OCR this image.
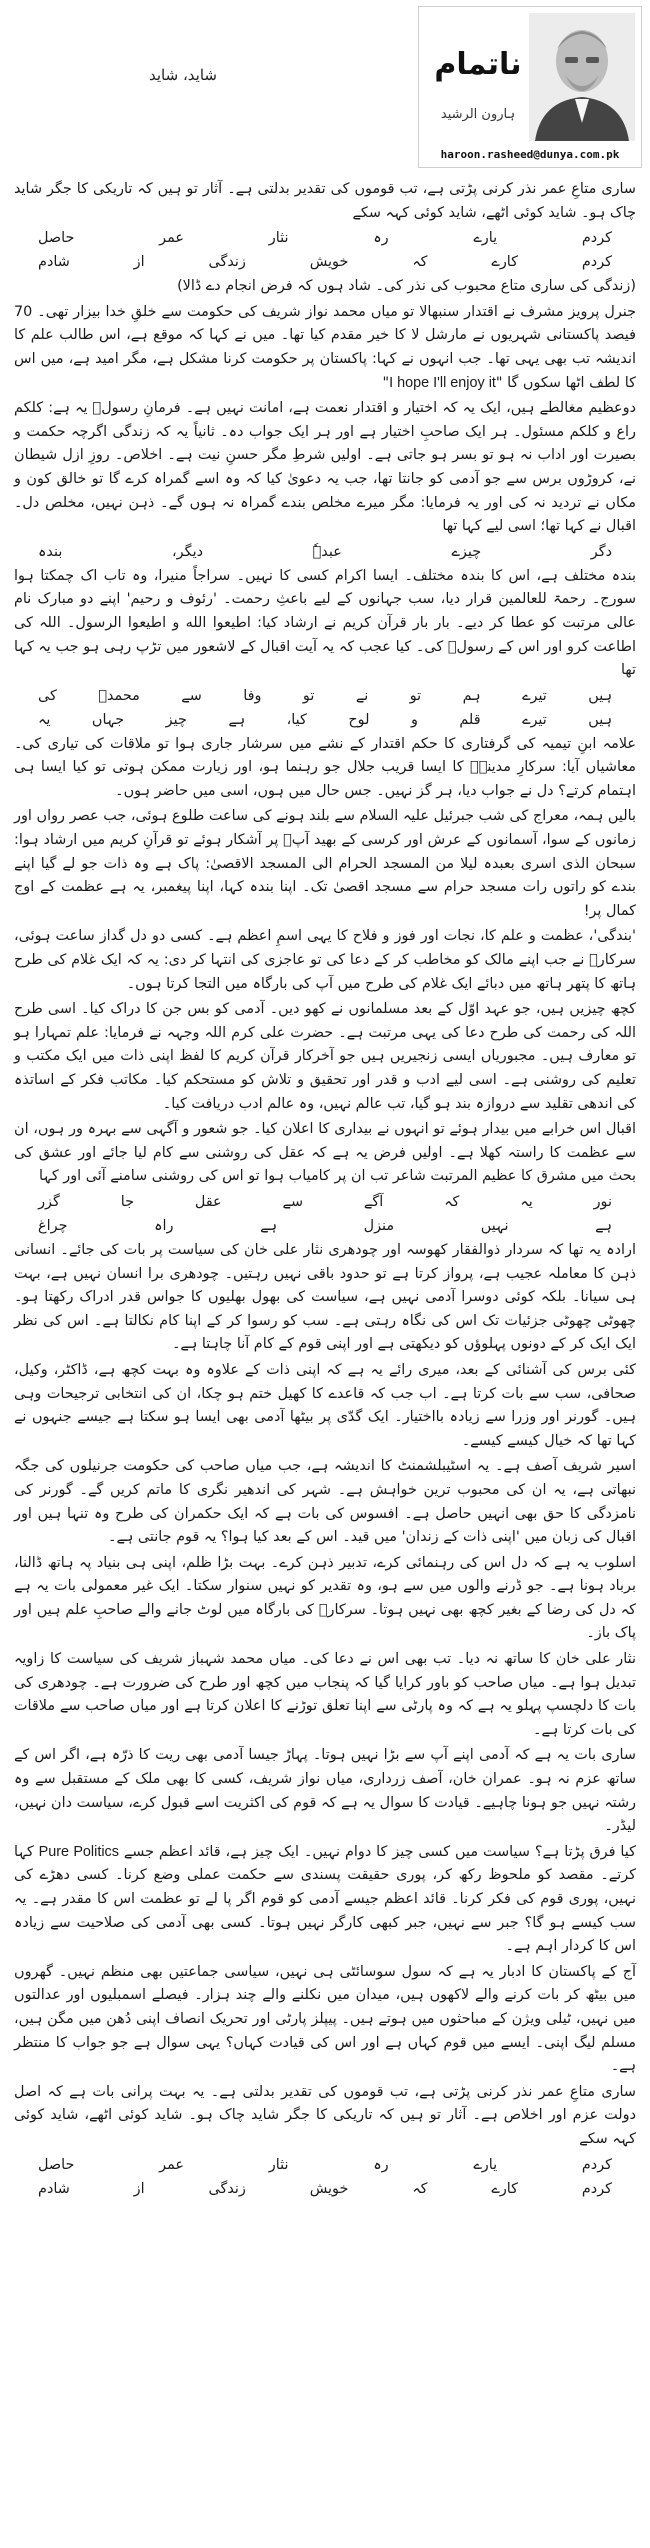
شاید، شاید	ناتمام
ہارون الرشید
haroon.rasheed@dunya.com.pk

ساری متاعِ عمر نذر کرنی پڑتی ہے، تب قوموں کی تقدیر بدلتی ہے۔ آثار تو ہیں کہ تاریکی کا جگر شاید چاک ہو۔ شاید کوئی اٹھے، شاید کوئی کہہ سکے

حاصل	عمر	نثار	رہ	یارے	کردم
شادم	از	زندگی	خویش	کہ	کارے	کردم

(زندگی کی ساری متاع محبوب کی نذر کی۔ شاد ہوں کہ فرض انجام دے ڈالا)

جنرل پرویز مشرف نے اقتدار سنبھالا تو میاں محمد نواز شریف کی حکومت سے خلقِ خدا بیزار تھی۔ 70 فیصد پاکستانی شہریوں نے مارشل لا کا خیر مقدم کیا تھا۔ میں نے کہا کہ موقع ہے، اس طالب علم کا اندیشہ تب بھی یہی تھا۔ جب انہوں نے کہا: پاکستان پر حکومت کرنا مشکل ہے، مگر امید ہے، میں اس کا لطف اٹھا سکوں گا "I hope I'll enjoy it"

دوعظیم مغالطے ہیں، ایک یہ کہ اختیار و اقتدار نعمت ہے، امانت نہیں ہے۔ فرمانِ رسولؐ یہ ہے: کلکم راع و کلکم مسئول۔ ہر ایک صاحبِ اختیار ہے اور ہر ایک جواب دہ۔ ثانیاً یہ کہ زندگی اگرچہ حکمت و بصیرت اور اداب نہ ہو تو بسر ہو جاتی ہے۔ اولیں شرطِ مگر حسنِ نیت ہے۔ اخلاص۔ روزِ ازل شیطان نے، کروڑوں برس سے جو آدمی کو جانتا تھا، جب یہ دعویٰ کیا کہ وہ اسے گمراہ کرے گا تو خالق کون و مکاں نے تردید نہ کی اور یہ فرمایا: مگر میرے مخلص بندے گمراہ نہ ہوں گے۔ ذہن نہیں، مخلص دل۔ اقبال نے کہا تھا؛ اسی لیے کہا تھا

بندہ	دیگر،	عبدہٗ	چیزے	دگر

بندہ مختلف ہے، اس کا بندہ مختلف۔ ایسا اکرام کسی کا نہیں۔ سراجاً منیرا، وہ تاب اک چمکتا ہوا سورج۔ رحمۃ للعالمین قرار دیا، سب جہانوں کے لیے باعثِ رحمت۔ 'رئوف و رحیم' اپنے دو مبارک نام عالی مرتبت کو عطا کر دیے۔ بار بار قرآن کریم نے ارشاد کیا: اطیعوا الله و اطیعوا الرسول۔ اللہ کی اطاعت کرو اور اس کے رسولؐ کی۔ کیا عجب کہ یہ آیت اقبال کے لاشعور میں تڑپ رہی ہو جب یہ کہا تھا

کی	محمدؐ	سے	وفا	تو	نے	تو	ہم	تیرے	ہیں
یہ	جہاں	چیز	ہے	کیا،	لوح	و	قلم	تیرے	ہیں

علامہ ابنِ تیمیہ کی گرفتاری کا حکم اقتدار کے نشے میں سرشار جاری ہوا تو ملاقات کی تیاری کی۔ معاشیاں آیا: سرکارِ مدینہؐ کا ایسا قریب جلال جو رہنما ہو، اور زیارت ممکن ہوتی تو کیا ایسا ہی اہتمام کرتے؟ دل نے جواب دیا، ہر گز نہیں۔ جس حال میں ہوں، اسی میں حاضر ہوں۔

بالیں ہمہ، معراج کی شب جبرئیل علیہ السلام سے بلند ہونے کی ساعت طلوع ہوئی، جب عصر رواں اور زمانوں کے سوا، آسمانوں کے عرش اور کرسی کے بھید آپؐ پر آشکار ہوئے تو قرآنِ کریم میں ارشاد ہوا: سبحان الذی اسری بعبدہ لیلا من المسجد الحرام الی المسجد الاقصیٰ: پاک ہے وہ ذات جو لے گیا اپنے بندے کو راتوں رات مسجد حرام سے مسجد اقصیٰ تک۔ اپنا بندہ کہا، اپنا پیغمبر، یہ ہے عظمت کے اوج کمال پر!

'بندگی'، عظمت و علم کا، نجات اور فوز و فلاح کا یہی اسمِ اعظم ہے۔ کسی دو دل گداز ساعت ہوئی، سرکارؐ نے جب اپنے مالک کو مخاطب کر کے دعا کی تو عاجزی کی انتہا کر دی: یہ کہ ایک غلام کی طرح ہاتھ کا پتھر ہاتھ میں دبائے ایک غلام کی طرح میں آپ کی بارگاہ میں التجا کرتا ہوں۔

کچھ چیزیں ہیں، جو عہد اوّل کے بعد مسلمانوں نے کھو دیں۔ آدمی کو بس جن کا دراک کیا۔ اسی طرح اللہ کی رحمت کی طرح دعا کی یہی مرتبت ہے۔ حضرت علی کرم اللہ وجہہ نے فرمایا: علم تمہارا ہو تو معارف ہیں۔ مجبوریاں ایسی زنجیریں ہیں جو آخرکار قرآن کریم کا لفظ اپنی ذات میں ایک مکتب و تعلیم کی روشنی ہے۔ اسی لیے ادب و قدر اور تحقیق و تلاش کو مستحکم کیا۔ مکاتب فکر کے اساتذہ کی اندھی تقلید سے دروازہ بند ہو گیا، تب عالم نہیں، وہ عالم ادب دریافت کیا۔

اقبال اس خرابے میں بیدار ہوئے تو انہوں نے بیداری کا اعلان کیا۔ جو شعور و آگہی سے بہرہ ور ہوں، ان سے عظمت کا راستہ کھلا ہے۔ اولیں فرض یہ ہے کہ عقل کی روشنی سے کام لیا جائے اور عشق کی بحث میں مشرق کا عظیم المرتبت شاعر تب ان پر کامیاب ہوا تو اس کی روشنی سامنے آئی اور کہا

گزر	جا	عقل	سے	آگے	کہ	یہ	نور
چراغ	راہ	ہے	منزل	نہیں	ہے

ارادہ یہ تھا کہ سردار ذوالفقار کھوسہ اور چودھری نثار علی خان کی سیاست پر بات کی جائے۔ انسانی ذہن کا معاملہ عجیب ہے، پرواز کرتا ہے تو حدود باقی نہیں رہتیں۔ چودھری برا انسان نہیں ہے، بہت ہی سیانا۔ بلکہ کوئی دوسرا آدمی نہیں ہے، سیاست کی بھول بھلیوں کا جواس قدر ادراک رکھتا ہو۔ چھوٹی چھوٹی جزئیات تک اس کی نگاہ رہتی ہے۔ سب کو رسوا کر کے اپنا کام نکالتا ہے۔ اس کی نظر ایک ایک کر کے دونوں پہلوؤں کو دیکھتی ہے اور اپنی قوم کے کام آنا چاہتا ہے۔

کئی برس کی آشنائی کے بعد، میری رائے یہ ہے کہ اپنی ذات کے علاوہ وہ بہت کچھ ہے، ڈاکٹر، وکیل، صحافی، سب سے بات کرتا ہے۔ اب جب کہ قاعدے کا کھیل ختم ہو چکا، ان کی انتخابی ترجیحات وہی ہیں۔ گورنر اور وزرا سے زیادہ بااختیار۔ ایک گدّی پر بیٹھا آدمی بھی ایسا ہو سکتا ہے جیسے جنہوں نے کہا تھا کہ خیال کیسے کیسے۔

اسیر شریف آصف ہے۔ یہ اسٹیبلشمنٹ کا اندیشہ ہے، جب میاں صاحب کی حکومت جرنیلوں کی جگہ نبھاتی ہے، یہ ان کی محبوب ترین خواہش ہے۔ شہر کی اندھیر نگری کا ماتم کریں گے۔ گورنر کی نامزدگی کا حق بھی انہیں حاصل ہے۔ افسوس کی بات ہے کہ ایک حکمران کی طرح وہ تنہا ہیں اور اقبال کی زبان میں 'اپنی ذات کے زندان' میں قید۔ اس کے بعد کیا ہوا؟ یہ قوم جانتی ہے۔

اسلوب یہ ہے کہ دل اس کی رہنمائی کرے، تدبیر ذہن کرے۔ بہت بڑا ظلم، اپنی ہی بنیاد پہ ہاتھ ڈالنا، برباد ہونا ہے۔ جو ڈرنے والوں میں سے ہو، وہ تقدیر کو نہیں سنوار سکتا۔ ایک غیر معمولی بات یہ ہے کہ دل کی رضا کے بغیر کچھ بھی نہیں ہوتا۔ سرکارؐ کی بارگاہ میں لوٹ جانے والے صاحبِ علم ہیں اور پاک باز۔

نثار علی خان کا ساتھ نہ دیا۔ تب بھی اس نے دعا کی۔ میاں محمد شہباز شریف کی سیاست کا زاویہ تبدیل ہوا ہے۔ میاں صاحب کو باور کرایا گیا کہ پنجاب میں کچھ اور طرح کی ضرورت ہے۔ چودھری کی بات کا دلچسپ پہلو یہ ہے کہ وہ پارٹی سے اپنا تعلق توڑنے کا اعلان کرتا ہے اور میاں صاحب سے ملاقات کی بات کرتا ہے۔

ساری بات یہ ہے کہ آدمی اپنے آپ سے بڑا نہیں ہوتا۔ پہاڑ جیسا آدمی بھی ریت کا ذرّہ ہے، اگر اس کے ساتھ عزم نہ ہو۔ عمران خان، آصف زرداری، میاں نواز شریف، کسی کا بھی ملک کے مستقبل سے وہ رشتہ نہیں جو ہونا چاہیے۔ قیادت کا سوال یہ ہے کہ قوم کی اکثریت اسے قبول کرے، سیاست دان نہیں، لیڈر۔

کیا فرق پڑتا ہے؟ سیاست میں کسی چیز کا دوام نہیں۔ ایک چیز ہے، قائد اعظم جسے Pure Politics کہا کرتے۔ مقصد کو ملحوظ رکھ کر، پوری حقیقت پسندی سے حکمت عملی وضع کرنا۔ کسی دھڑے کی نہیں، پوری قوم کی فکر کرنا۔ قائد اعظم جیسے آدمی کو قوم اگر پا لے تو عظمت اس کا مقدر ہے۔ یہ سب کیسے ہو گا؟ جبر سے نہیں، جبر کبھی کارگر نہیں ہوتا۔ کسی بھی آدمی کی صلاحیت سے زیادہ اس کا کردار اہم ہے۔

آج کے پاکستان کا ادبار یہ ہے کہ سول سوسائٹی ہی نہیں، سیاسی جماعتیں بھی منظم نہیں۔ گھروں میں بیٹھ کر بات کرنے والے لاکھوں ہیں، میدان میں نکلنے والے چند ہزار۔ فیصلے اسمبلیوں اور عدالتوں میں نہیں، ٹیلی ویژن کے مباحثوں میں ہوتے ہیں۔ پیپلز پارٹی اور تحریک انصاف اپنی دُھن میں مگن ہیں، مسلم لیگ اپنی۔ ایسے میں قوم کہاں ہے اور اس کی قیادت کہاں؟ یہی سوال ہے جو جواب کا منتظر ہے۔

ساری متاعِ عمر نذر کرنی پڑتی ہے، تب قوموں کی تقدیر بدلتی ہے۔ یہ بہت پرانی بات ہے کہ اصل دولت عزم اور اخلاص ہے۔ آثار تو ہیں کہ تاریکی کا جگر شاید چاک ہو۔ شاید کوئی اٹھے، شاید کوئی کہہ سکے

حاصل	عمر	نثار	رہ	یارے	کردم
شادم	از	زندگی	خویش	کہ	کارے	کردم
